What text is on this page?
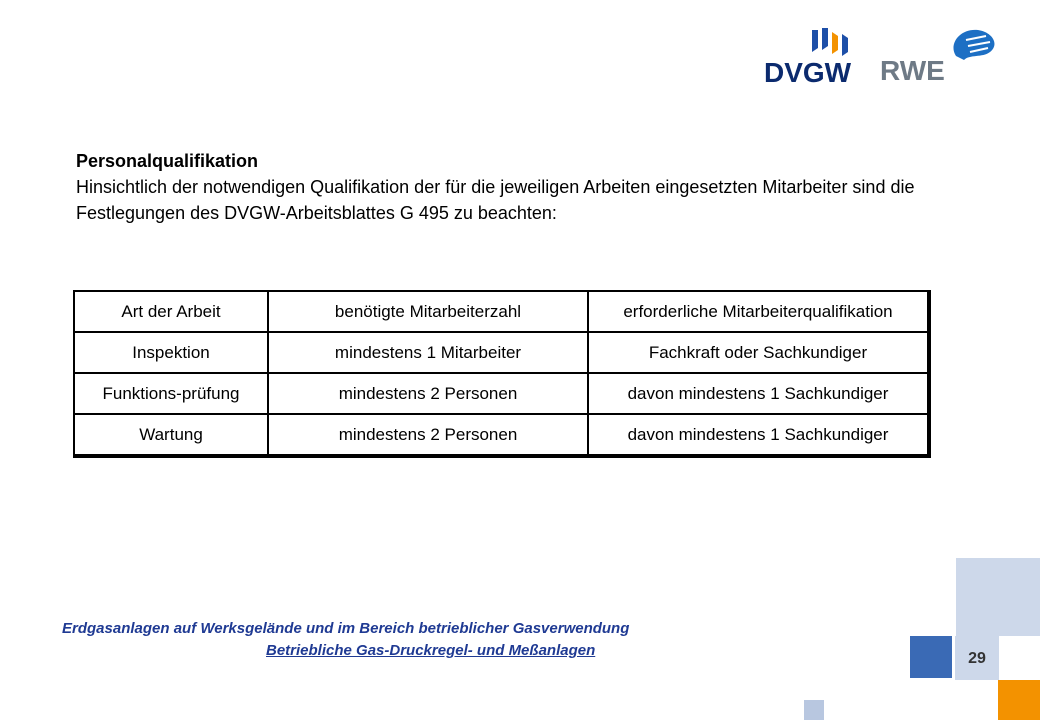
DVGW RWE
Personalqualifikation
Hinsichtlich der notwendigen Qualifikation der für die jeweiligen Arbeiten eingesetzten Mitarbeiter sind die Festlegungen des DVGW-Arbeitsblattes G 495 zu beachten:
Art der Arbeit	benötigte Mitarbeiterzahl	erforderliche Mitarbeiterqualifikation
Inspektion	mindestens 1 Mitarbeiter	Fachkraft oder Sachkundiger
Funktions-prüfung	mindestens 2 Personen	davon mindestens 1 Sachkundiger
Wartung	mindestens 2 Personen	davon mindestens 1 Sachkundiger
Erdgasanlagen auf Werksgelände und im Bereich betrieblicher Gasverwendung
Betriebliche Gas-Druckregel- und Meßanlagen	29
